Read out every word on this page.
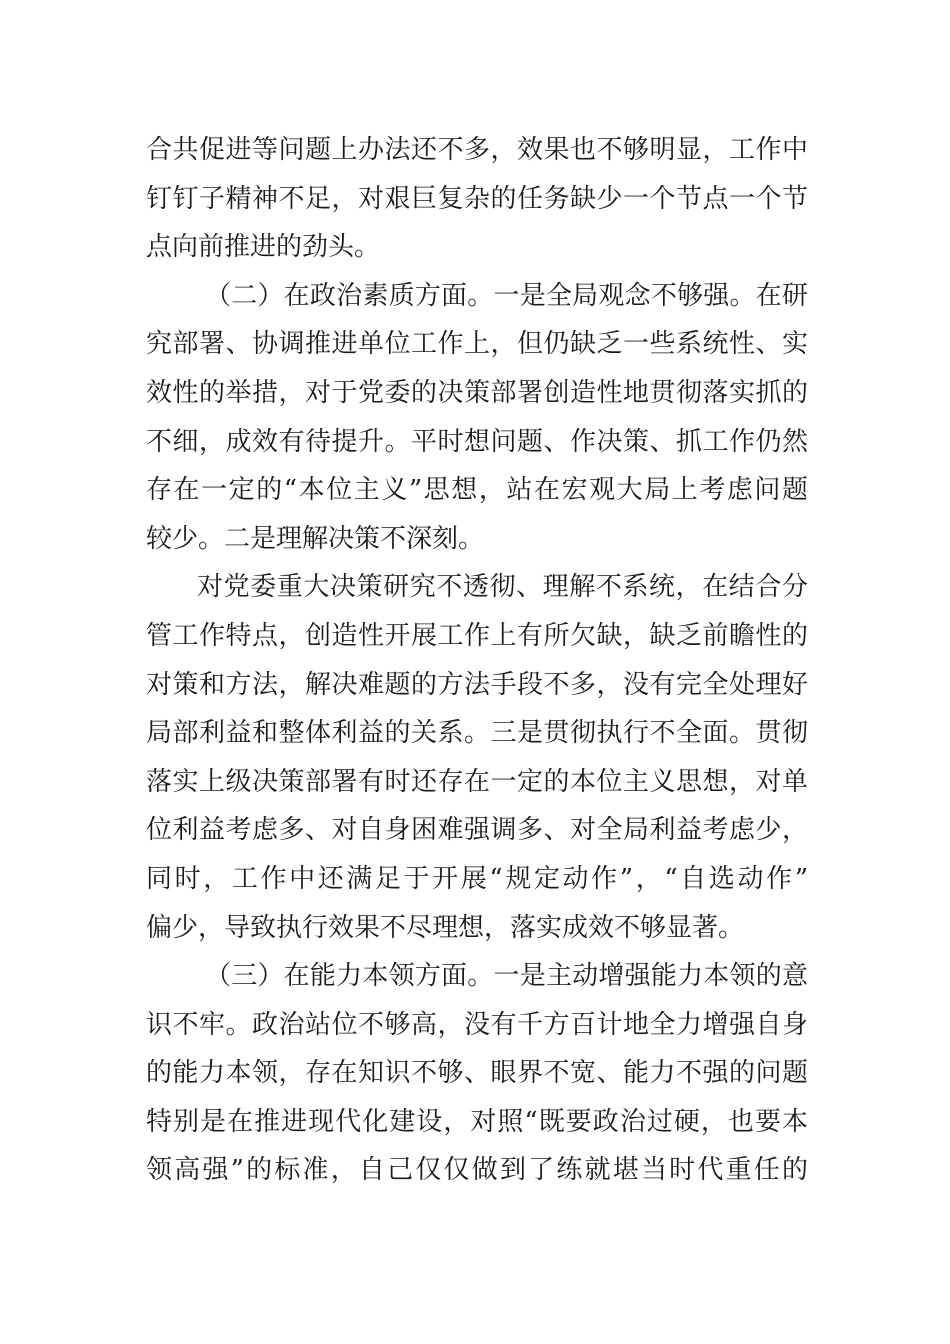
合共促进等问题上办法还不多，效果也不够明显，工作中
钉钉子精神不足，对艰巨复杂的任务缺少一个节点一个节
点向前推进的劲头。
（二）在政治素质方面。一是全局观念不够强。在研
究部署、协调推进单位工作上，但仍缺乏一些系统性、实
效性的举措，对于党委的决策部署创造性地贯彻落实抓的
不细，成效有待提升。平时想问题、作决策、抓工作仍然
存在一定的“本位主义”思想，站在宏观大局上考虑问题
较少。二是理解决策不深刻。
对党委重大决策研究不透彻、理解不系统，在结合分
管工作特点，创造性开展工作上有所欠缺，缺乏前瞻性的
对策和方法，解决难题的方法手段不多，没有完全处理好
局部利益和整体利益的关系。三是贯彻执行不全面。贯彻
落实上级决策部署有时还存在一定的本位主义思想，对单
位利益考虑多、对自身困难强调多、对全局利益考虑少，
同时，工作中还满足于开展“规定动作”，“自选动作”
偏少，导致执行效果不尽理想，落实成效不够显著。
（三）在能力本领方面。一是主动增强能力本领的意
识不牢。政治站位不够高，没有千方百计地全力增强自身
的能力本领，存在知识不够、眼界不宽、能力不强的问题
特别是在推进现代化建设，对照“既要政治过硬，也要本
领高强”的标准，自己仅仅做到了练就堪当时代重任的
